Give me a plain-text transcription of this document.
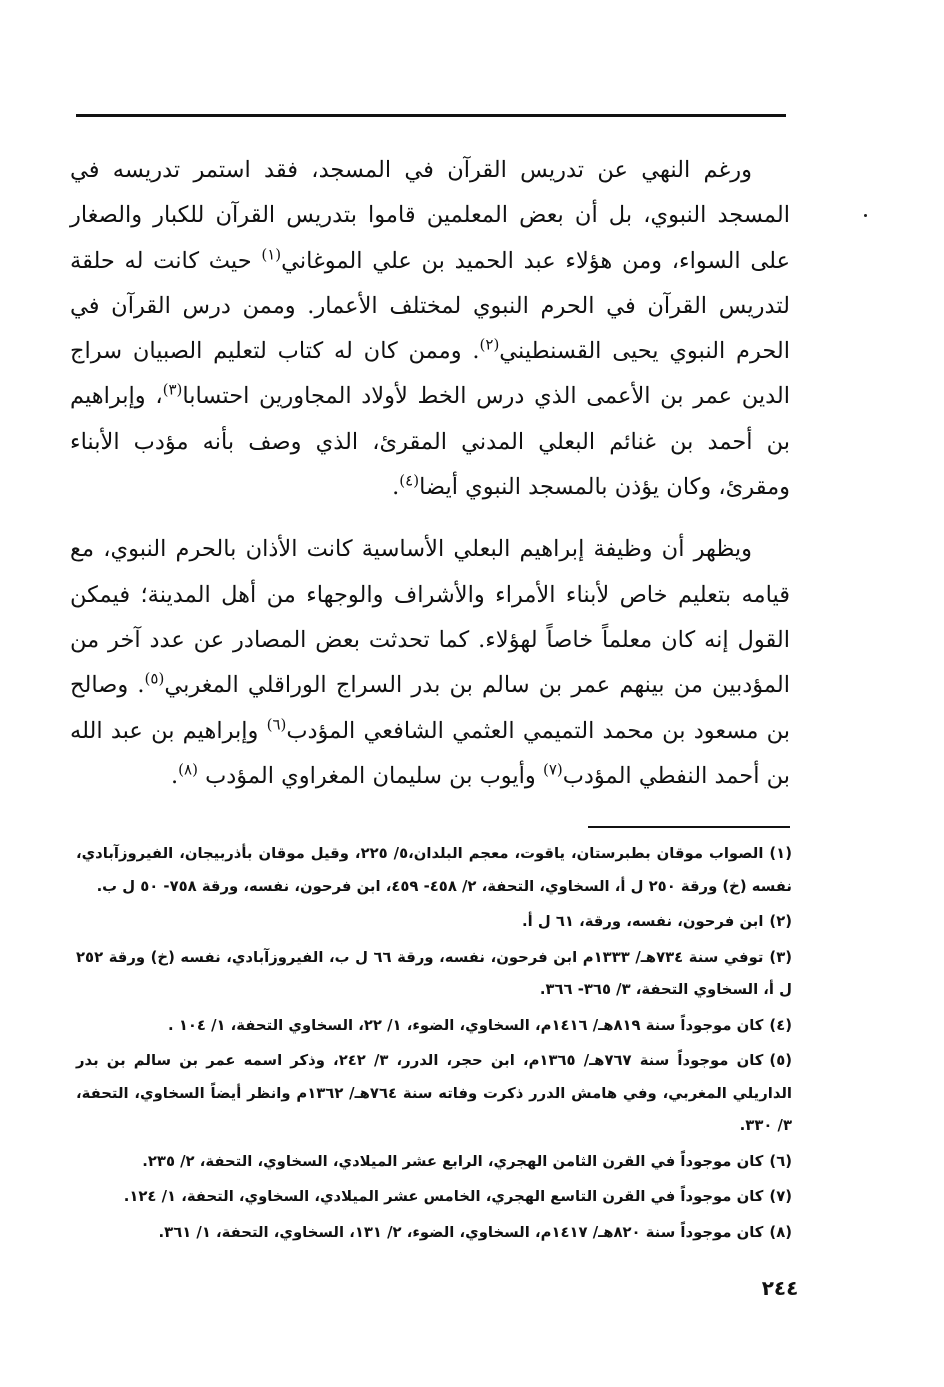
ورغم النهي عن تدريس القرآن في المسجد، فقد استمر تدريسه في المسجد النبوي، بل أن بعض المعلمين قاموا بتدريس القرآن للكبار والصغار على السواء، ومن هؤلاء عبد الحميد بن علي الموغاني$^{(١)}$ حيث كانت له حلقة لتدريس القرآن في الحرم النبوي لمختلف الأعمار. وممن درس القرآن في الحرم النبوي يحيى القسنطيني$^{(٢)}$. وممن كان له كتاب لتعليم الصبيان سراج الدين عمر بن الأعمى الذي درس الخط لأولاد المجاورين احتسابا$^{(٣)}$، وإبراهيم بن أحمد بن غنائم البعلي المدني المقرئ، الذي وصف بأنه مؤدب الأبناء ومقرئ، وكان يؤذن بالمسجد النبوي أيضا$^{(٤)}$.

ويظهر أن وظيفة إبراهيم البعلي الأساسية كانت الأذان بالحرم النبوي، مع قيامه بتعليم خاص لأبناء الأمراء والأشراف والوجهاء من أهل المدينة؛ فيمكن القول إنه كان معلماً خاصاً لهؤلاء. كما تحدثت بعض المصادر عن عدد آخر من المؤدبين من بينهم عمر بن سالم بن بدر السراج الوراقلي المغربي$^{(٥)}$. وصالح بن مسعود بن محمد التميمي العثمي الشافعي المؤدب$^{(٦)}$ وإبراهيم بن عبد الله بن أحمد النفطي المؤدب$^{(٧)}$ وأيوب بن سليمان المغراوي المؤدب $^{(٨)}$.

(١)الصواب موقان بطبرستان، ياقوت، معجم البلدان،٥/ ٢٢٥، وقيل موقان بأذربيجان، الفيروزآبادي، نفسه (خ) ورقة ٢٥٠ ل أ، السخاوي، التحفة، ٢/ ٤٥٨- ٤٥٩، ابن فرحون، نفسه، ورقة ٧٥٨- ٥٠ ل ب.

(٢)ابن فرحون، نفسه، ورقة، ٦١ ل أ.

(٣)توفي سنة ٧٣٤هـ/ ١٣٣٣م ابن فرحون، نفسه، ورقة ٦٦ ل ب، الفيروزآبادي، نفسه (خ) ورقة ٢٥٢ ل أ، السخاوي التحفة، ٣/ ٣٦٥- ٣٦٦.

(٤)كان موجوداً سنة ٨١٩هـ/ ١٤١٦م، السخاوي، الضوء، ١/ ٢٢، السخاوي التحفة، ١/ ١٠٤ .

(٥)كان موجوداً سنة ٧٦٧هـ/ ١٣٦٥م، ابن حجر، الدرر، ٣/ ٢٤٢، وذكر اسمه عمر بن سالم بن بدر الداريلي المغربي، وفي هامش الدرر ذكرت وفاته سنة ٧٦٤هـ/ ١٣٦٢م وانظر أيضاً السخاوي، التحفة، ٣/ ٣٣٠.

(٦)كان موجوداً في القرن الثامن الهجري، الرابع عشر الميلادي، السخاوي، التحفة، ٢/ ٢٣٥.

(٧)كان موجوداً في القرن التاسع الهجري، الخامس عشر الميلادي، السخاوي، التحفة، ١/ ١٢٤.

(٨)كان موجوداً سنة ٨٢٠هـ/ ١٤١٧م، السخاوي، الضوء، ٢/ ١٣١، السخاوي، التحفة، ١/ ٣٦١.

٢٤٤
